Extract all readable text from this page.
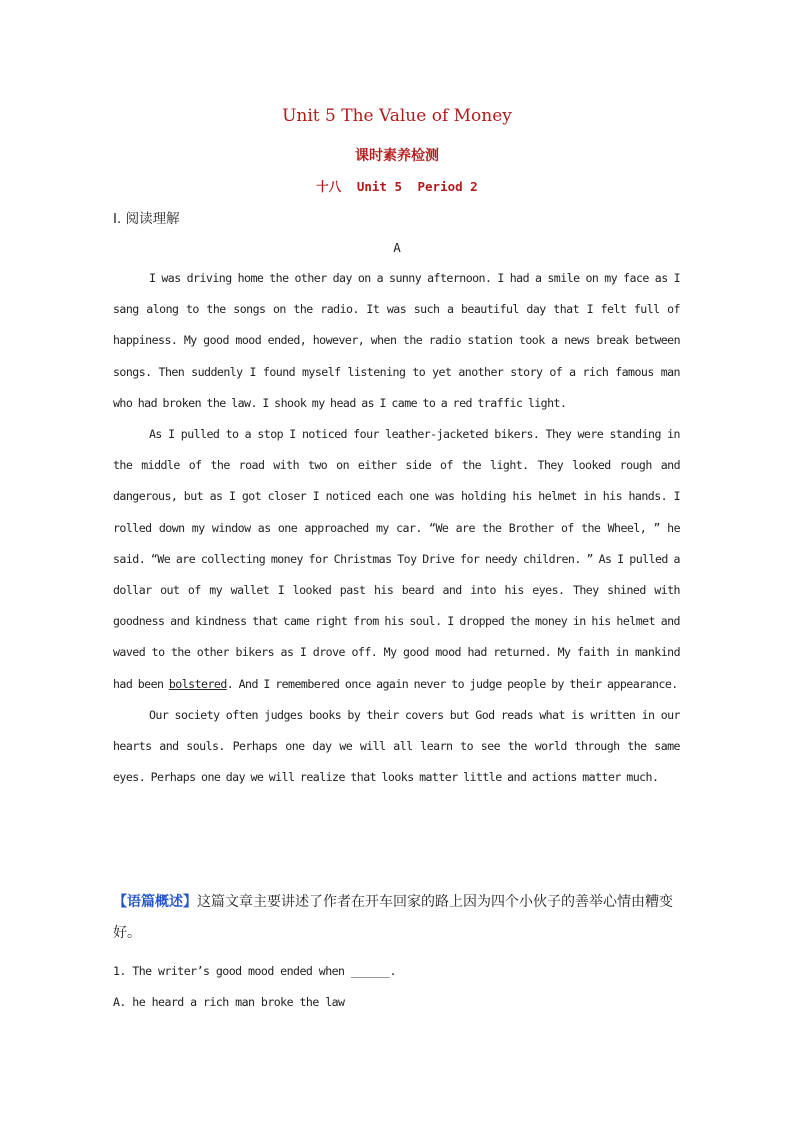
Unit 5 The Value of Money
课时素养检测
十八 Unit 5 Period 2
Ⅰ. 阅读理解
A

I was driving home the other day on a sunny afternoon. I had a smile on my face as I sang along to the songs on the radio. It was such a beautiful day that I felt full of happiness. My good mood ended, however, when the radio station took a news break between songs. Then suddenly I found myself listening to yet another story of a rich famous man who had broken the law. I shook my head as I came to a red traffic light.

As I pulled to a stop I noticed four leather-jacketed bikers. They were standing in the middle of the road with two on either side of the light. They looked rough and dangerous, but as I got closer I noticed each one was holding his helmet in his hands. I rolled down my window as one approached my car. “We are the Brother of the Wheel, ” he said. “We are collecting money for Christmas Toy Drive for needy children. ” As I pulled a dollar out of my wallet I looked past his beard and into his eyes. They shined with goodness and kindness that came right from his soul. I dropped the money in his helmet and waved to the other bikers as I drove off. My good mood had returned. My faith in mankind had been bolstered. And I remembered once again never to judge people by their appearance.

Our society often judges books by their covers but God reads what is written in our hearts and souls. Perhaps one day we will all learn to see the world through the same eyes. Perhaps one day we will realize that looks matter little and actions matter much.

【语篇概述】这篇文章主要讲述了作者在开车回家的路上因为四个小伙子的善举心情由糟变好。
1. The writer’s good mood ended when ______.
A. he heard a rich man broke the law
